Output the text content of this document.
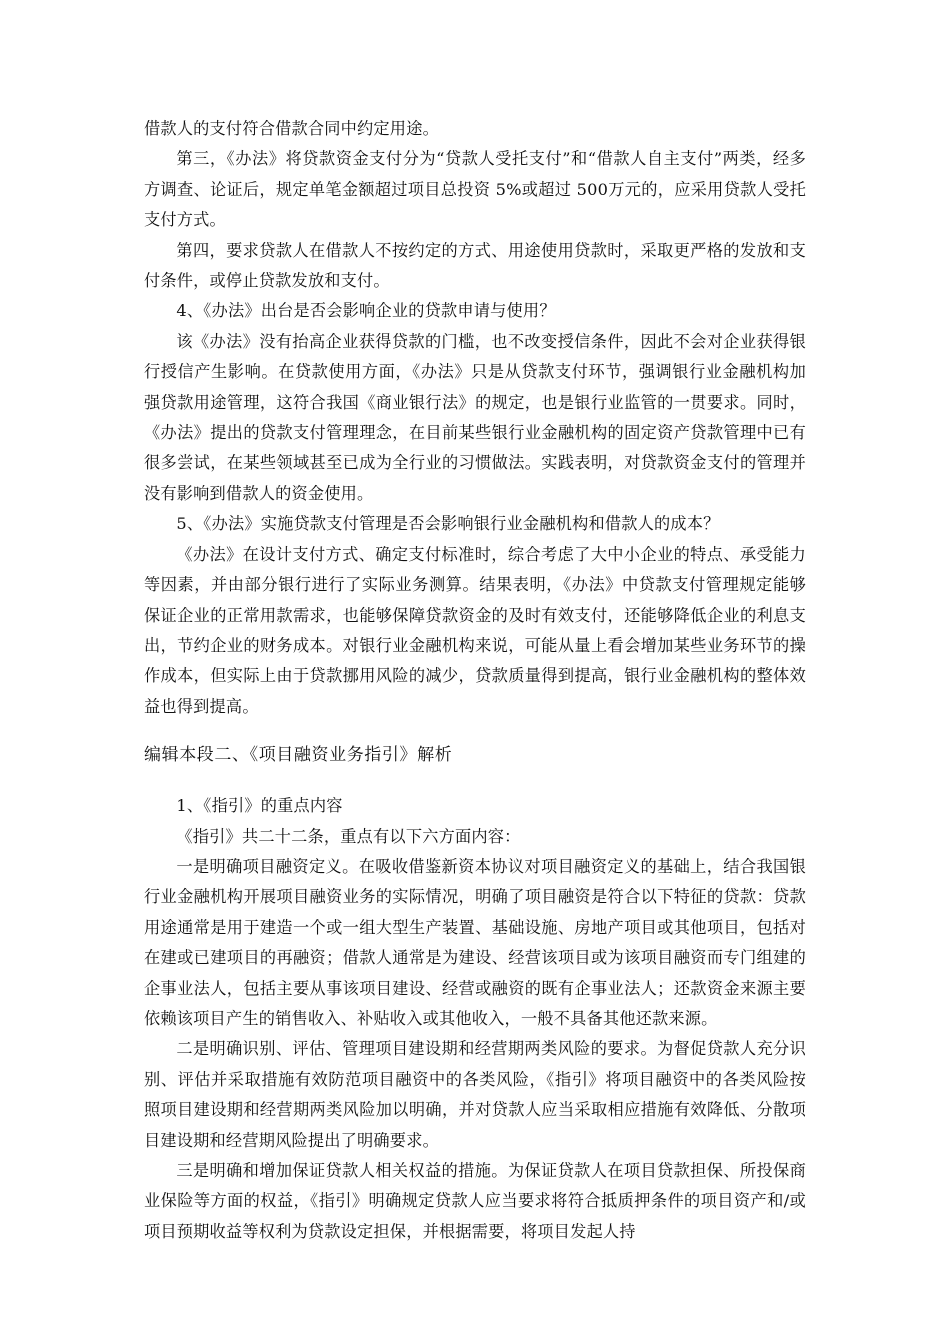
借款人的支付符合借款合同中约定用途。

第三，《办法》将贷款资金支付分为“贷款人受托支付”和“借款人自主支付”两类，经多方调查、论证后，规定单笔金额超过项目总投资 5%或超过 500万元的，应采用贷款人受托支付方式。

第四，要求贷款人在借款人不按约定的方式、用途使用贷款时，采取更严格的发放和支付条件，或停止贷款发放和支付。

4、《办法》出台是否会影响企业的贷款申请与使用？

该《办法》没有抬高企业获得贷款的门槛，也不改变授信条件，因此不会对企业获得银行授信产生影响。在贷款使用方面，《办法》只是从贷款支付环节，强调银行业金融机构加强贷款用途管理，这符合我国《商业银行法》的规定，也是银行业监管的一贯要求。同时，《办法》提出的贷款支付管理理念，在目前某些银行业金融机构的固定资产贷款管理中已有很多尝试，在某些领域甚至已成为全行业的习惯做法。实践表明，对贷款资金支付的管理并没有影响到借款人的资金使用。

5、《办法》实施贷款支付管理是否会影响银行业金融机构和借款人的成本？

《办法》在设计支付方式、确定支付标准时，综合考虑了大中小企业的特点、承受能力等因素，并由部分银行进行了实际业务测算。结果表明，《办法》中贷款支付管理规定能够保证企业的正常用款需求，也能够保障贷款资金的及时有效支付，还能够降低企业的利息支出，节约企业的财务成本。对银行业金融机构来说，可能从量上看会增加某些业务环节的操作成本，但实际上由于贷款挪用风险的减少，贷款质量得到提高，银行业金融机构的整体效益也得到提高。

编辑本段二、《项目融资业务指引》解析

1、《指引》的重点内容

《指引》共二十二条，重点有以下六方面内容：

一是明确项目融资定义。在吸收借鉴新资本协议对项目融资定义的基础上，结合我国银行业金融机构开展项目融资业务的实际情况，明确了项目融资是符合以下特征的贷款：贷款用途通常是用于建造一个或一组大型生产装置、基础设施、房地产项目或其他项目，包括对在建或已建项目的再融资；借款人通常是为建设、经营该项目或为该项目融资而专门组建的企事业法人，包括主要从事该项目建设、经营或融资的既有企事业法人；还款资金来源主要依赖该项目产生的销售收入、补贴收入或其他收入，一般不具备其他还款来源。

二是明确识别、评估、管理项目建设期和经营期两类风险的要求。为督促贷款人充分识别、评估并采取措施有效防范项目融资中的各类风险，《指引》将项目融资中的各类风险按照项目建设期和经营期两类风险加以明确，并对贷款人应当采取相应措施有效降低、分散项目建设期和经营期风险提出了明确要求。

三是明确和增加保证贷款人相关权益的措施。为保证贷款人在项目贷款担保、所投保商业保险等方面的权益，《指引》明确规定贷款人应当要求将符合抵质押条件的项目资产和/或项目预期收益等权利为贷款设定担保，并根据需要，将项目发起人持
